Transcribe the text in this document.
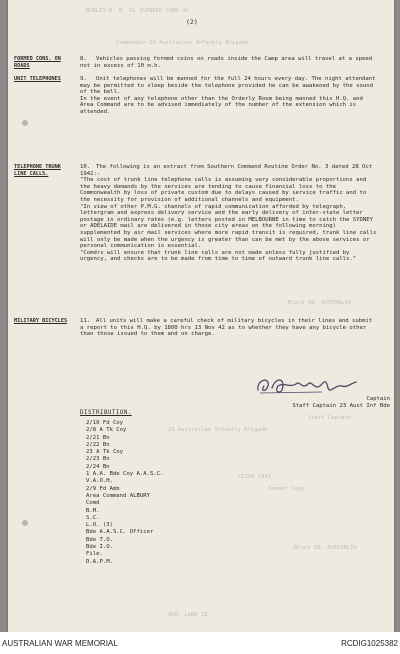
BURLEY R. R. OL 3GENDED COHD OL
Commandin 23 Australian Infantry Brigade
Block 50. AUSTRALIA
Staff Captain
23 Australian Infantry Brigade
LEIGH 1942
Sender Copy
Block 60. AUSTRALIA
AGR. LAND 23
(2)
FORMED CONS. ON ROADS
8. Vehicles passing formed coins on roads inside the Camp area will travel at a speed not in excess of 10 m.h.
UNIT TELEPHONES	9. Unit telephones will be manned for the full 24 hours every day. The night attendant may be permitted to sleep beside the telephone provided he can be awakened by the sound of the bell.
In the event of any telephone other than the Orderly Room being manned this H.Q. and Area Command are to be advised immediately of the number of the extension which is attended.
TELEPHONE TRUNK LINE CALLS.
10. The following is an extract from Southern Command Routine Order No. 3 dated 28 Oct 1942:-
"The cost of trunk line telephone calls is assuming very considerable proportions and the heavy demands by the services are tending to cause financial loss to the Commonwealth by loss of private custom due to delays caused by service traffic and to the necessity for provision of additional channels and equipment.
"In view of other P.M.G. channels of rapid communication afforded by telegraph, lettergram and express delivery service and the early delivery of inter-state letter postage in ordinary rates (e.g. letters posted in MELBOURNE in time to catch the SYDNEY or ADELAIDE mail are delivered in those city areas on the following morning) supplemented by air mail services where more rapid transit is required, trunk line calls will only be made when the urgency is greater than can be met by the above services or personal communication is essential.
"Comdrs will ensure that trunk line calls are not made unless fully justified by urgency, and checks are to be made from time to time of outward trunk line calls."
MILITARY BICYCLES	11. All units will make a careful check of military bicycles in their lines and submit a report to this H.Q. by 1800 hrs 13 Nov 42 as to whether they have any bicycle other than those issued to them and on charge.
Captain
Staff Captain 23 Aust Inf Bde
DISTRIBUTION.
2/10 Fd Coy
2/8 A Tk Coy
2/21 Bn
2/22 Bn
23 A Tk Coy
2/23 Bn
2/24 Bn
1 A.A. Bde Coy A.A.S.C.
V.A.O.H.
2/9 Fd Amb
Area Command ALBURY
Comd
B.M.
S.C.
L.O. (3)
Bde A.A.S.C. Officer
Bde T.O.
Bde I.O.
File.
D.A.P.M.
AUSTRALIAN WAR MEMORIAL	RCDIG1025382
